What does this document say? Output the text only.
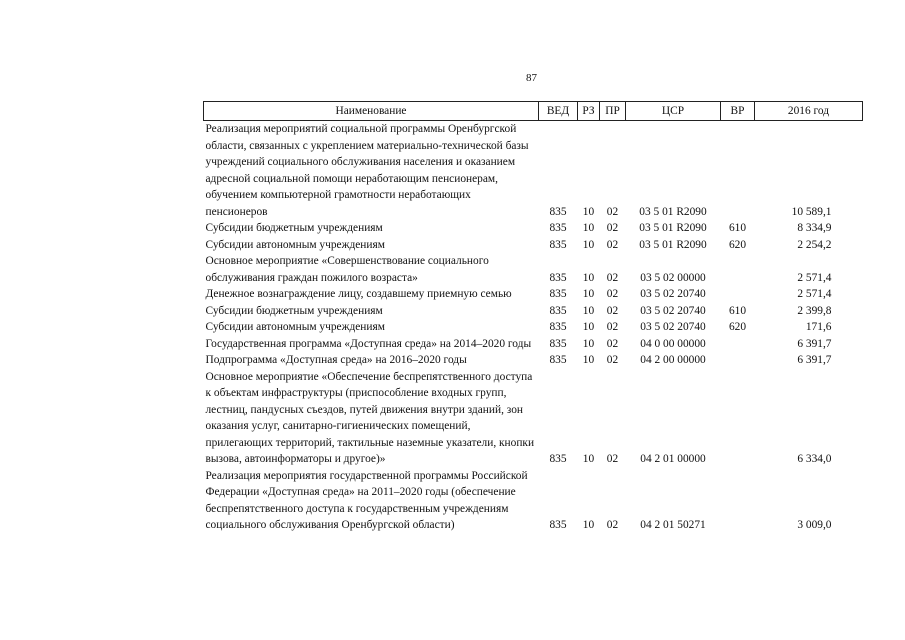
87
Наименование	ВЕД	РЗ	ПР	ЦСР	ВР	2016 год
Реализация мероприятий социальной программы Оренбургской области, связанных с укреплением материально-технической базы учреждений социального обслуживания населения и оказанием адресной социальной помощи неработающим пенсионерам, обучением компьютерной грамотности неработающих пенсионеров	835	10	02	03 5 01 R2090		10 589,1
Субсидии бюджетным учреждениям	835	10	02	03 5 01 R2090	610	8 334,9
Субсидии автономным учреждениям	835	10	02	03 5 01 R2090	620	2 254,2
Основное мероприятие «Совершенствование социального обслуживания граждан пожилого возраста»	835	10	02	03 5 02 00000		2 571,4
Денежное вознаграждение лицу, создавшему приемную семью	835	10	02	03 5 02 20740		2 571,4
Субсидии бюджетным учреждениям	835	10	02	03 5 02 20740	610	2 399,8
Субсидии автономным учреждениям	835	10	02	03 5 02 20740	620	171,6
Государственная программа «Доступная среда» на 2014–2020 годы	835	10	02	04 0 00 00000		6 391,7
Подпрограмма «Доступная среда» на 2016–2020 годы	835	10	02	04 2 00 00000		6 391,7
Основное мероприятие «Обеспечение беспрепятственного доступа к объектам инфраструктуры (приспособление входных групп, лестниц, пандусных съездов, путей движения внутри зданий, зон оказания услуг, санитарно-гигиенических помещений, прилегающих территорий, тактильные наземные указатели, кнопки вызова, автоинформаторы и другое)»	835	10	02	04 2 01 00000		6 334,0
Реализация мероприятия государственной программы Российской Федерации «Доступная среда» на 2011–2020 годы (обеспечение беспрепятственного доступа к государственным учреждениям социального обслуживания Оренбургской области)	835	10	02	04 2 01 50271		3 009,0
